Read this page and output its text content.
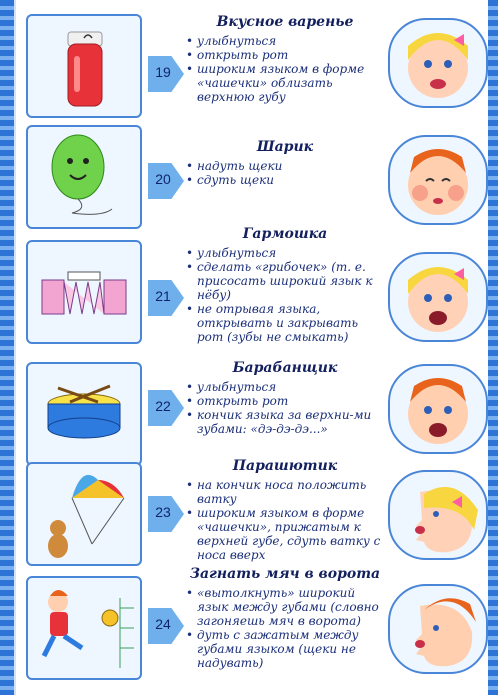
19

Вкусное варенье

• улыбнуться
• открыть рот
• широким языком в форме «чашечки» облизать верхнюю губу
20

Шарик

• надуть щеки
• сдуть щеки
21

Гармошка

• улыбнуться
• сделать «грибочек» (т. е. присосать широкий язык к нёбу)
• не отрывая языка, открывать и закрывать рот (зубы не смыкать)
22

Барабанщик

• улыбнуться
• открыть рот
• кончик языка за верхни-ми зубами: «дэ-дэ-дэ...»
23

Парашютик

• на кончик носа положить ватку
• широким языком в форме «чашечки», прижатым к верхней губе, сдуть ватку с носа вверх
24

Загнать мяч в ворота

• «вытолкнуть» широкий язык между губами (словно загоняешь мяч в ворота)
• дуть с зажатым между губами языком (щеки не надувать)
